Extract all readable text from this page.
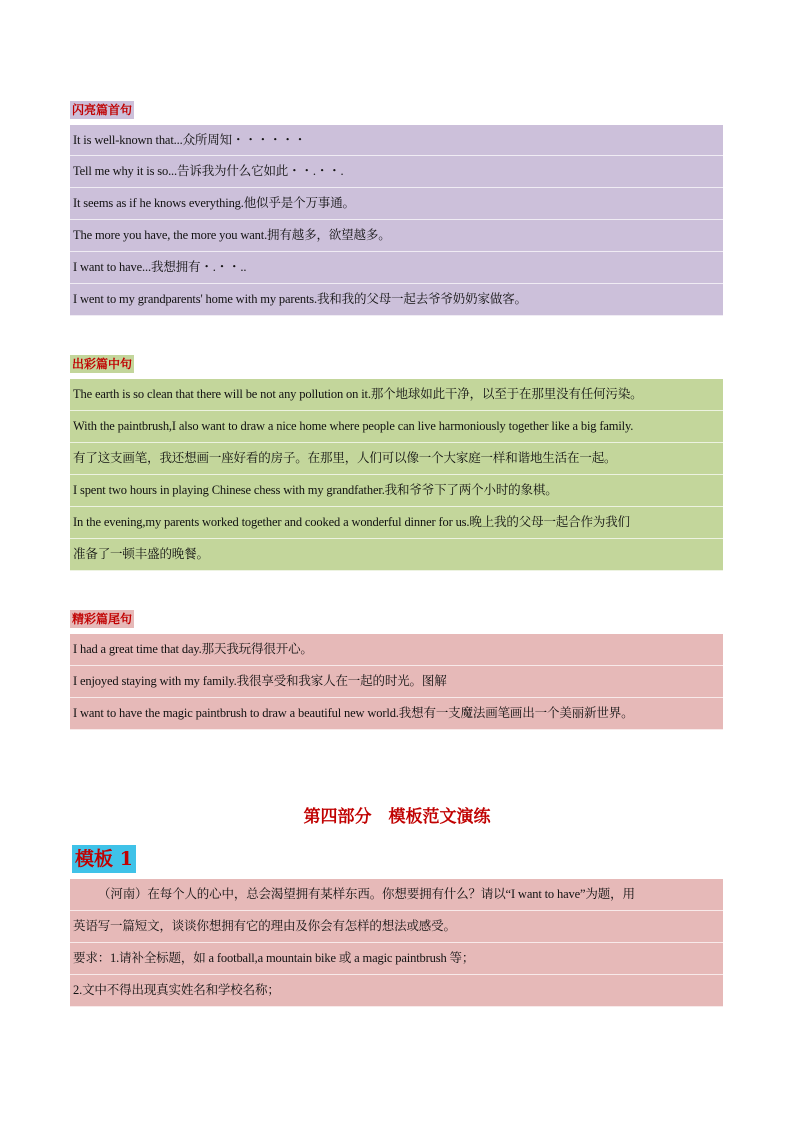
闪亮篇首句
It is well-known that...众所周知・・・・・・
Tell me why it is so...告诉我为什么它如此・・.・・.
It seems as if he knows everything.他似乎是个万事通。
The more you have, the more you want.拥有越多，欲望越多。
I want to have...我想拥有・.・・..
I went to my grandparents' home with my parents.我和我的父母一起去爷爷奶奶家做客。
出彩篇中句
The earth is so clean that there will be not any pollution on it.那个地球如此干净，以至于在那里没有任何污染。
With the paintbrush,I also want to draw a nice home where people can live harmoniously together like a big family.
有了这支画笔，我还想画一座好看的房子。在那里，人们可以像一个大家庭一样和谐地生活在一起。
I spent two hours in playing Chinese chess with my grandfather.我和爷爷下了两个小时的象棋。
In the evening,my parents worked together and cooked a wonderful dinner for us.晚上我的父母一起合作为我们
准备了一顿丰盛的晚餐。
精彩篇尾句
I had a great time that day.那天我玩得很开心。
I enjoyed staying with my family.我很享受和我家人在一起的时光。图解
I want to have the magic paintbrush to draw a beautiful new world.我想有一支魔法画笔画出一个美丽新世界。
第四部分　模板范文演练
模板 1
（河南）在每个人的心中，总会渴望拥有某样东西。你想要拥有什么？请以“I want to have”为题，用
英语写一篇短文，谈谈你想拥有它的理由及你会有怎样的想法或感受。
要求：1.请补全标题，如 a football,a mountain bike 或 a magic paintbrush 等；
2.文中不得出现真实姓名和学校名称；
